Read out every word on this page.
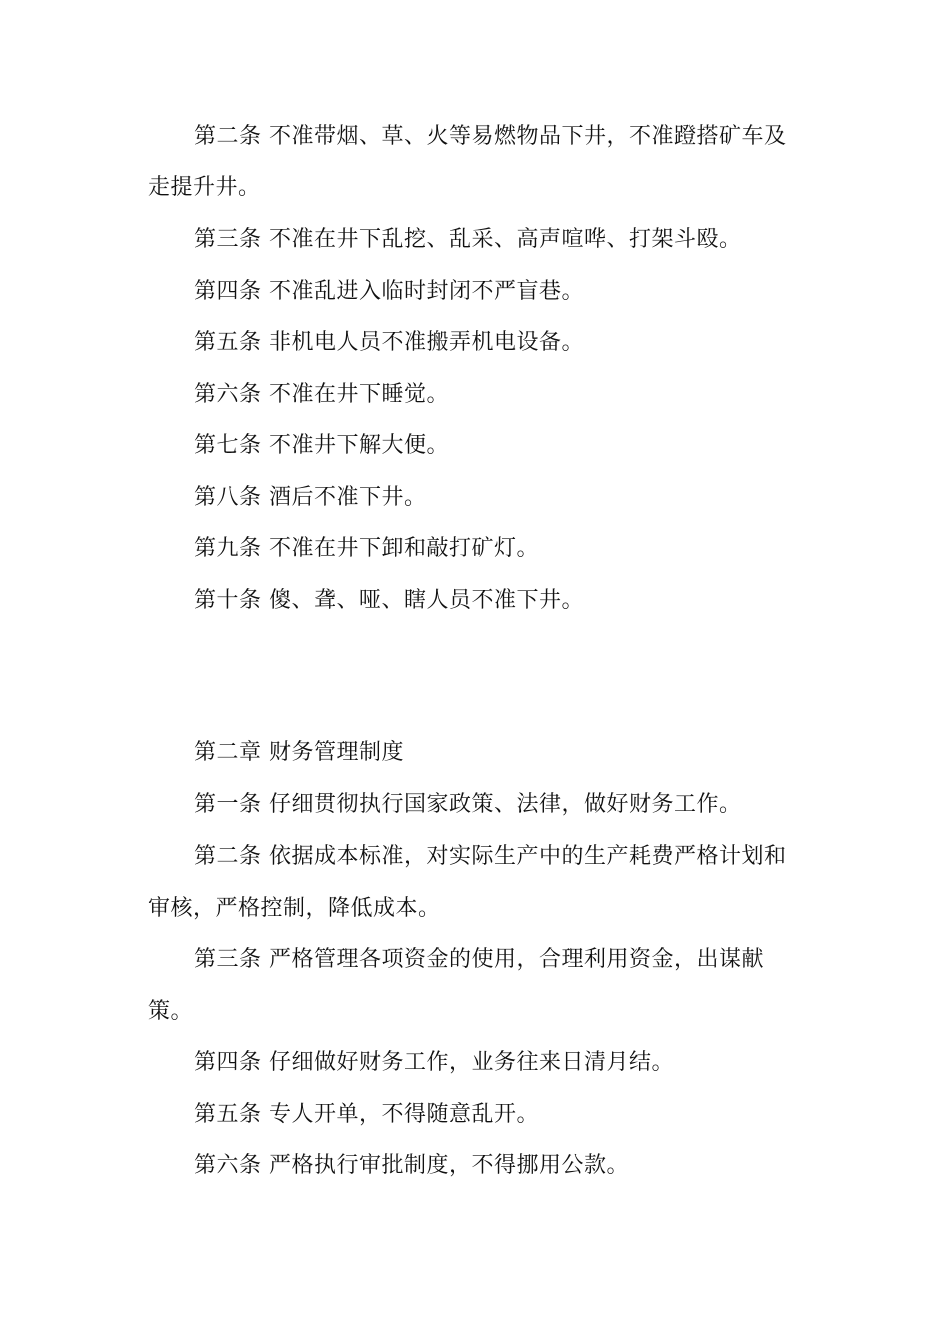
第二条 不准带烟、草、火等易燃物品下井，不准蹬搭矿车及
走提升井。
第三条 不准在井下乱挖、乱采、高声喧哗、打架斗殴。
第四条 不准乱进入临时封闭不严盲巷。
第五条 非机电人员不准搬弄机电设备。
第六条 不准在井下睡觉。
第七条 不准井下解大便。
第八条 酒后不准下井。
第九条 不准在井下卸和敲打矿灯。
第十条 傻、聋、哑、瞎人员不准下井。
第二章 财务管理制度
第一条 仔细贯彻执行国家政策、法律，做好财务工作。
第二条 依据成本标准，对实际生产中的生产耗费严格计划和
审核，严格控制，降低成本。
第三条 严格管理各项资金的使用，合理利用资金，出谋献
策。
第四条 仔细做好财务工作，业务往来日清月结。
第五条 专人开单，不得随意乱开。
第六条 严格执行审批制度，不得挪用公款。
